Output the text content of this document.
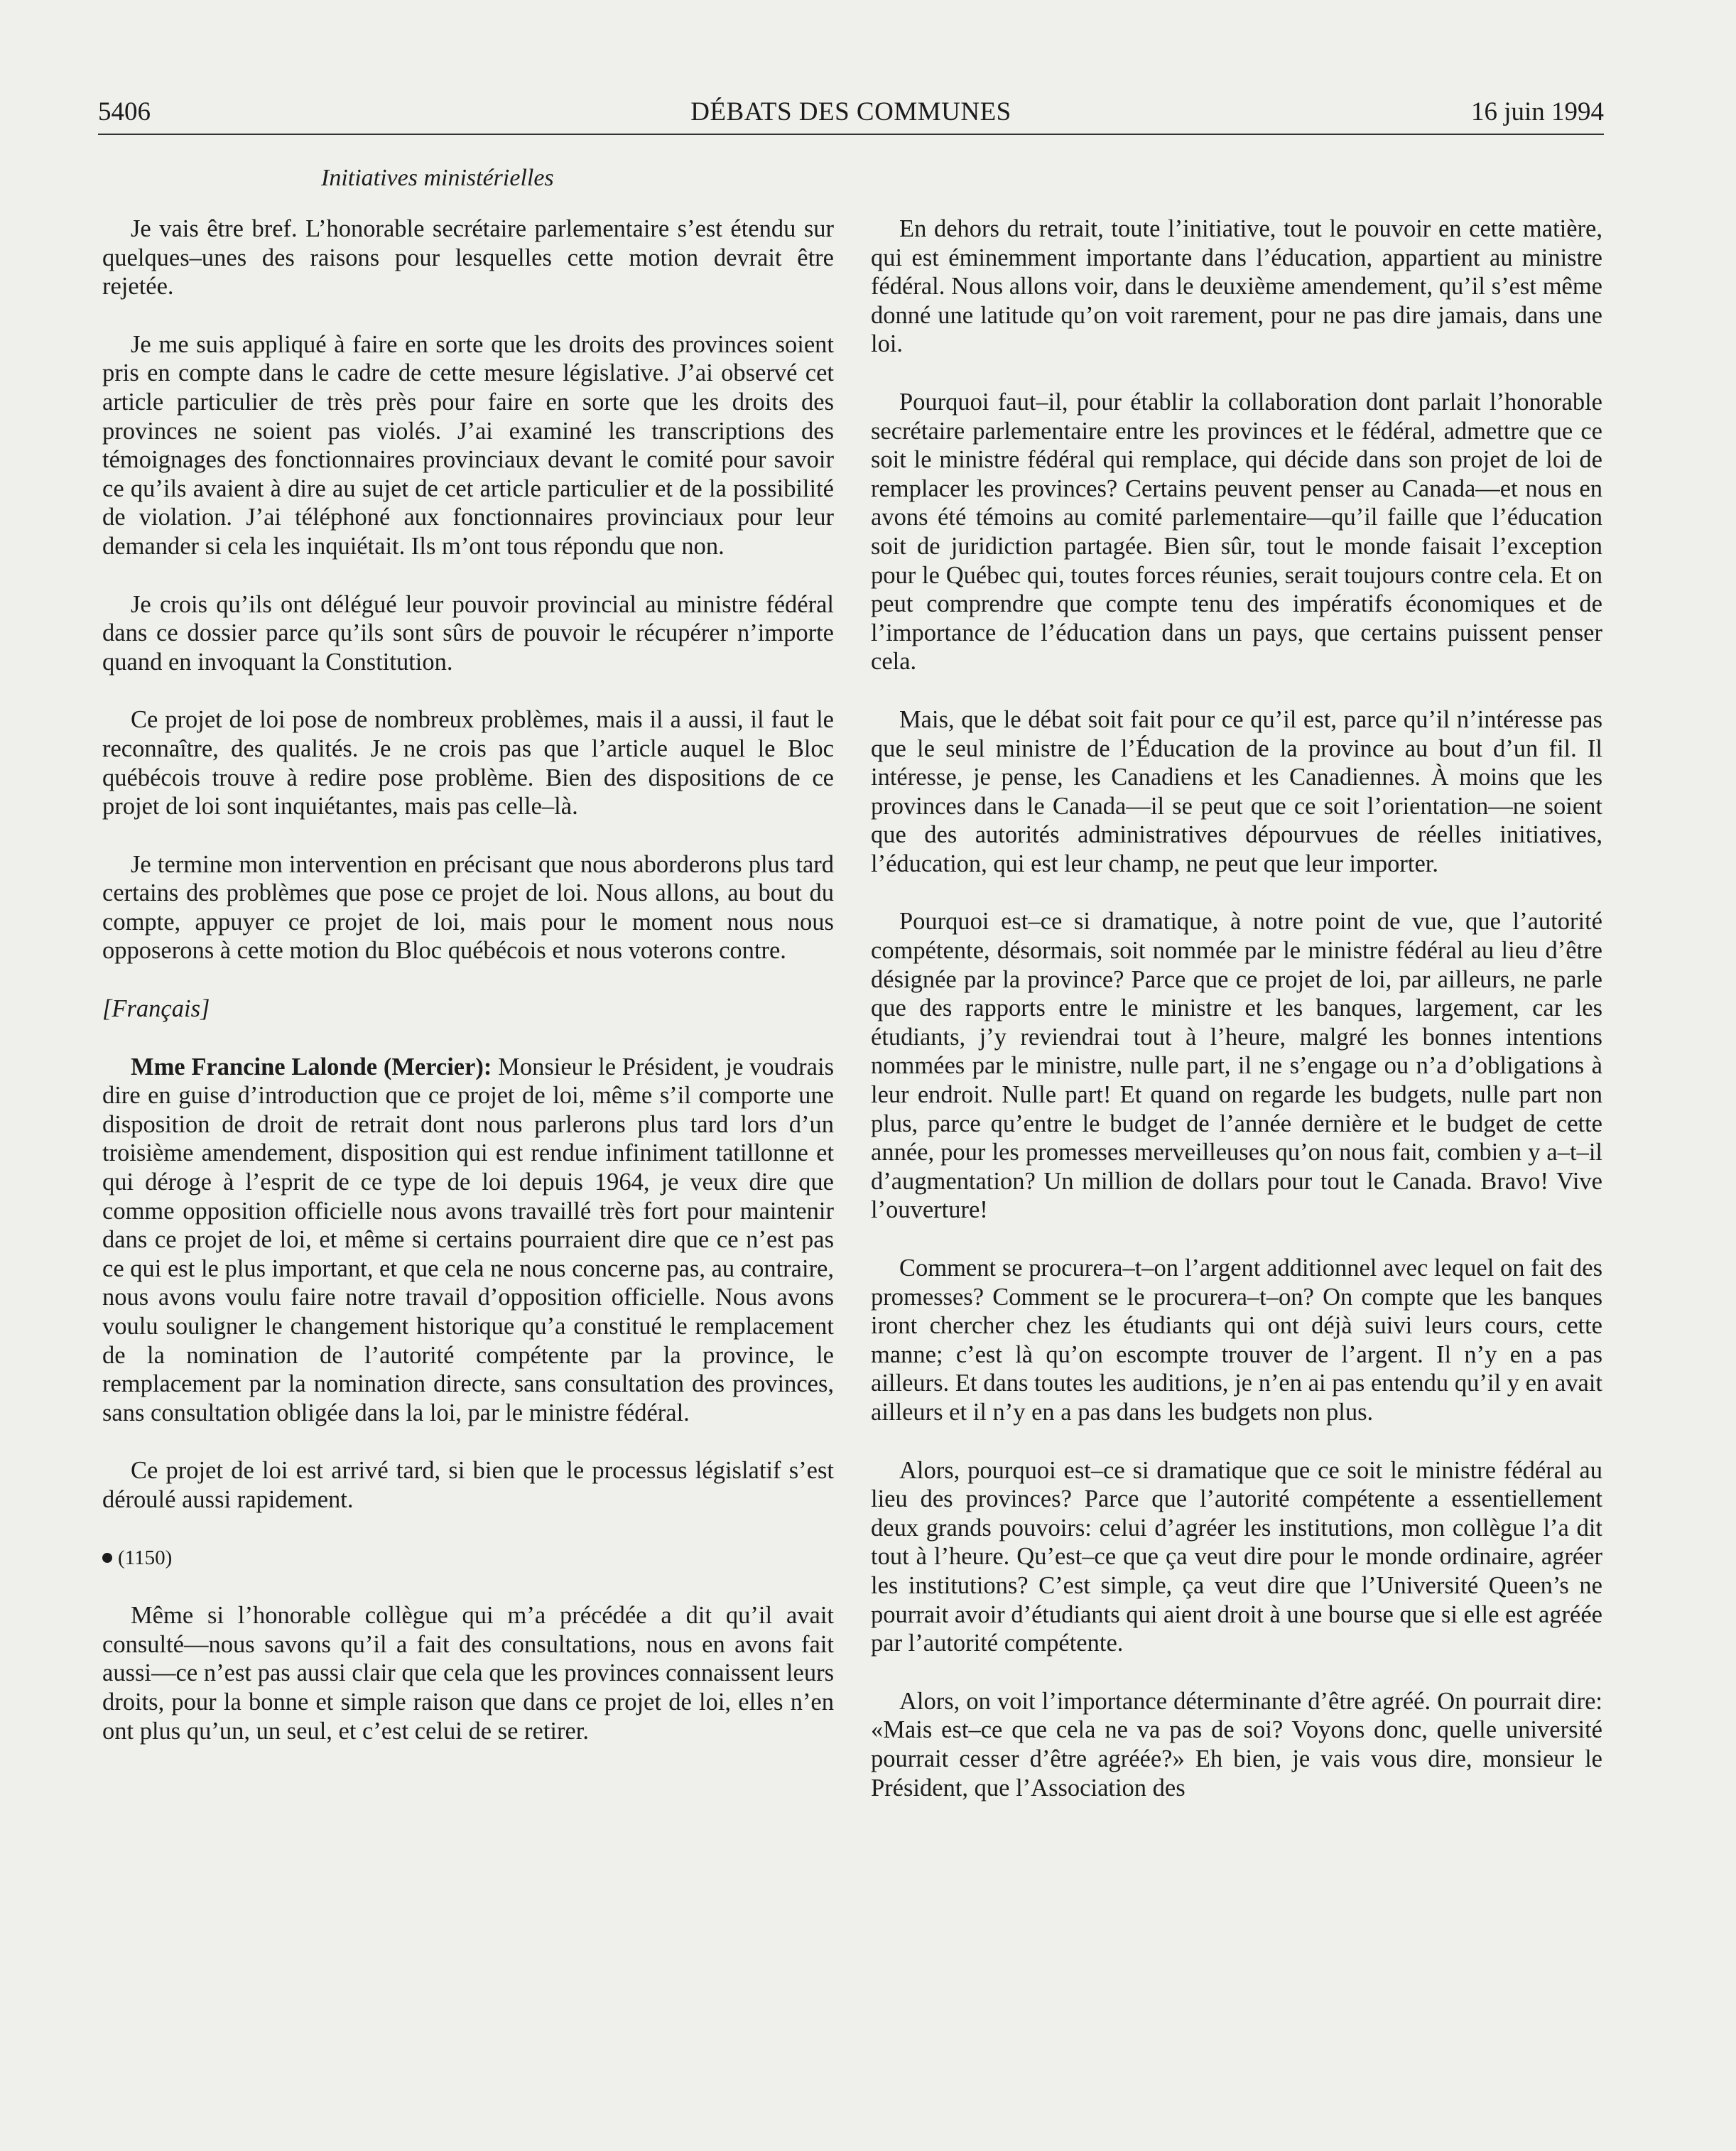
5406	DÉBATS DES COMMUNES	16 juin 1994
Initiatives ministérielles

Je vais être bref. L’honorable secrétaire parlementaire s’est étendu sur quelques–unes des raisons pour lesquelles cette motion devrait être rejetée.

Je me suis appliqué à faire en sorte que les droits des provinces soient pris en compte dans le cadre de cette mesure législative. J’ai observé cet article particulier de très près pour faire en sorte que les droits des provinces ne soient pas violés. J’ai examiné les transcriptions des témoignages des fonctionnaires provinciaux devant le comité pour savoir ce qu’ils avaient à dire au sujet de cet article particulier et de la possibilité de violation. J’ai téléphoné aux fonctionnaires provinciaux pour leur demander si cela les inquiétait. Ils m’ont tous répondu que non.

Je crois qu’ils ont délégué leur pouvoir provincial au ministre fédéral dans ce dossier parce qu’ils sont sûrs de pouvoir le récupérer n’importe quand en invoquant la Constitution.

Ce projet de loi pose de nombreux problèmes, mais il a aussi, il faut le reconnaître, des qualités. Je ne crois pas que l’article auquel le Bloc québécois trouve à redire pose problème. Bien des dispositions de ce projet de loi sont inquiétantes, mais pas celle–là.

Je termine mon intervention en précisant que nous aborderons plus tard certains des problèmes que pose ce projet de loi. Nous allons, au bout du compte, appuyer ce projet de loi, mais pour le moment nous nous opposerons à cette motion du Bloc québécois et nous voterons contre.

[Français]

Mme Francine Lalonde (Mercier): Monsieur le Président, je voudrais dire en guise d’introduction que ce projet de loi, même s’il comporte une disposition de droit de retrait dont nous parlerons plus tard lors d’un troisième amendement, disposition qui est rendue infiniment tatillonne et qui déroge à l’esprit de ce type de loi depuis 1964, je veux dire que comme opposition officielle nous avons travaillé très fort pour maintenir dans ce projet de loi, et même si certains pourraient dire que ce n’est pas ce qui est le plus important, et que cela ne nous concerne pas, au contraire, nous avons voulu faire notre travail d’opposition officielle. Nous avons voulu souligner le changement historique qu’a constitué le remplacement de la nomination de l’autorité compétente par la province, le remplacement par la nomination directe, sans consultation des provinces, sans consultation obligée dans la loi, par le ministre fédéral.

Ce projet de loi est arrivé tard, si bien que le processus législatif s’est déroulé aussi rapidement.

(1150)

Même si l’honorable collègue qui m’a précédée a dit qu’il avait consulté—nous savons qu’il a fait des consultations, nous en avons fait aussi—ce n’est pas aussi clair que cela que les provinces connaissent leurs droits, pour la bonne et simple raison que dans ce projet de loi, elles n’en ont plus qu’un, un seul, et c’est celui de se retirer.

En dehors du retrait, toute l’initiative, tout le pouvoir en cette matière, qui est éminemment importante dans l’éducation, appartient au ministre fédéral. Nous allons voir, dans le deuxième amendement, qu’il s’est même donné une latitude qu’on voit rarement, pour ne pas dire jamais, dans une loi.

Pourquoi faut–il, pour établir la collaboration dont parlait l’honorable secrétaire parlementaire entre les provinces et le fédéral, admettre que ce soit le ministre fédéral qui remplace, qui décide dans son projet de loi de remplacer les provinces? Certains peuvent penser au Canada—et nous en avons été témoins au comité parlementaire—qu’il faille que l’éducation soit de juridiction partagée. Bien sûr, tout le monde faisait l’exception pour le Québec qui, toutes forces réunies, serait toujours contre cela. Et on peut comprendre que compte tenu des impératifs économiques et de l’importance de l’éducation dans un pays, que certains puissent penser cela.

Mais, que le débat soit fait pour ce qu’il est, parce qu’il n’intéresse pas que le seul ministre de l’Éducation de la province au bout d’un fil. Il intéresse, je pense, les Canadiens et les Canadiennes. À moins que les provinces dans le Canada—il se peut que ce soit l’orientation—ne soient que des autorités administratives dépourvues de réelles initiatives, l’éducation, qui est leur champ, ne peut que leur importer.

Pourquoi est–ce si dramatique, à notre point de vue, que l’autorité compétente, désormais, soit nommée par le ministre fédéral au lieu d’être désignée par la province? Parce que ce projet de loi, par ailleurs, ne parle que des rapports entre le ministre et les banques, largement, car les étudiants, j’y reviendrai tout à l’heure, malgré les bonnes intentions nommées par le ministre, nulle part, il ne s’engage ou n’a d’obligations à leur endroit. Nulle part! Et quand on regarde les budgets, nulle part non plus, parce qu’entre le budget de l’année dernière et le budget de cette année, pour les promesses merveilleuses qu’on nous fait, combien y a–t–il d’augmentation? Un million de dollars pour tout le Canada. Bravo! Vive l’ouverture!

Comment se procurera–t–on l’argent additionnel avec lequel on fait des promesses? Comment se le procurera–t–on? On compte que les banques iront chercher chez les étudiants qui ont déjà suivi leurs cours, cette manne; c’est là qu’on escompte trouver de l’argent. Il n’y en a pas ailleurs. Et dans toutes les auditions, je n’en ai pas entendu qu’il y en avait ailleurs et il n’y en a pas dans les budgets non plus.

Alors, pourquoi est–ce si dramatique que ce soit le ministre fédéral au lieu des provinces? Parce que l’autorité compétente a essentiellement deux grands pouvoirs: celui d’agréer les institutions, mon collègue l’a dit tout à l’heure. Qu’est–ce que ça veut dire pour le monde ordinaire, agréer les institutions? C’est simple, ça veut dire que l’Université Queen’s ne pourrait avoir d’étudiants qui aient droit à une bourse que si elle est agréée par l’autorité compétente.

Alors, on voit l’importance déterminante d’être agréé. On pourrait dire: «Mais est–ce que cela ne va pas de soi? Voyons donc, quelle université pourrait cesser d’être agréée?» Eh bien, je vais vous dire, monsieur le Président, que l’Association des
